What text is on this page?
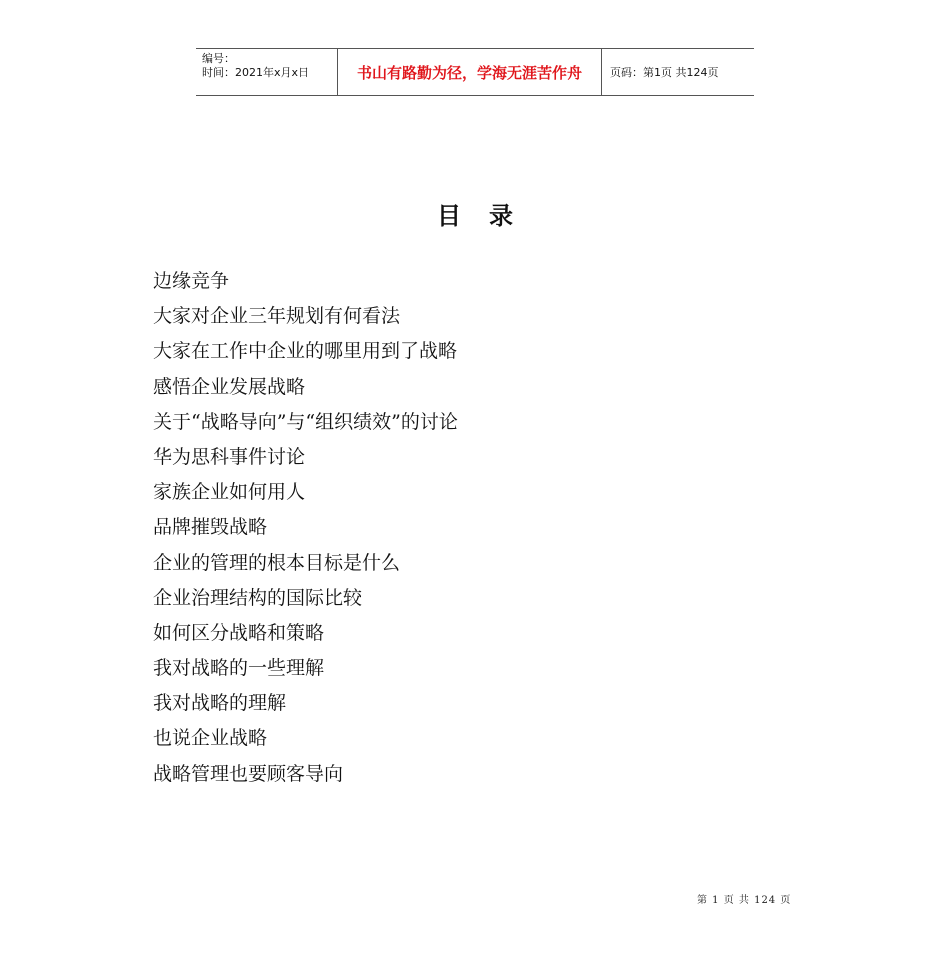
编号：
时间：2021年x月x日	书山有路勤为径，学海无涯苦作舟	页码：第1页 共124页
目录
边缘竞争
大家对企业三年规划有何看法
大家在工作中企业的哪里用到了战略
感悟企业发展战略
关于“战略导向”与“组织绩效”的讨论
华为思科事件讨论
家族企业如何用人
品牌摧毁战略
企业的管理的根本目标是什么
企业治理结构的国际比较
如何区分战略和策略
我对战略的一些理解
我对战略的理解
也说企业战略
战略管理也要顾客导向
第 1 页 共 124 页
